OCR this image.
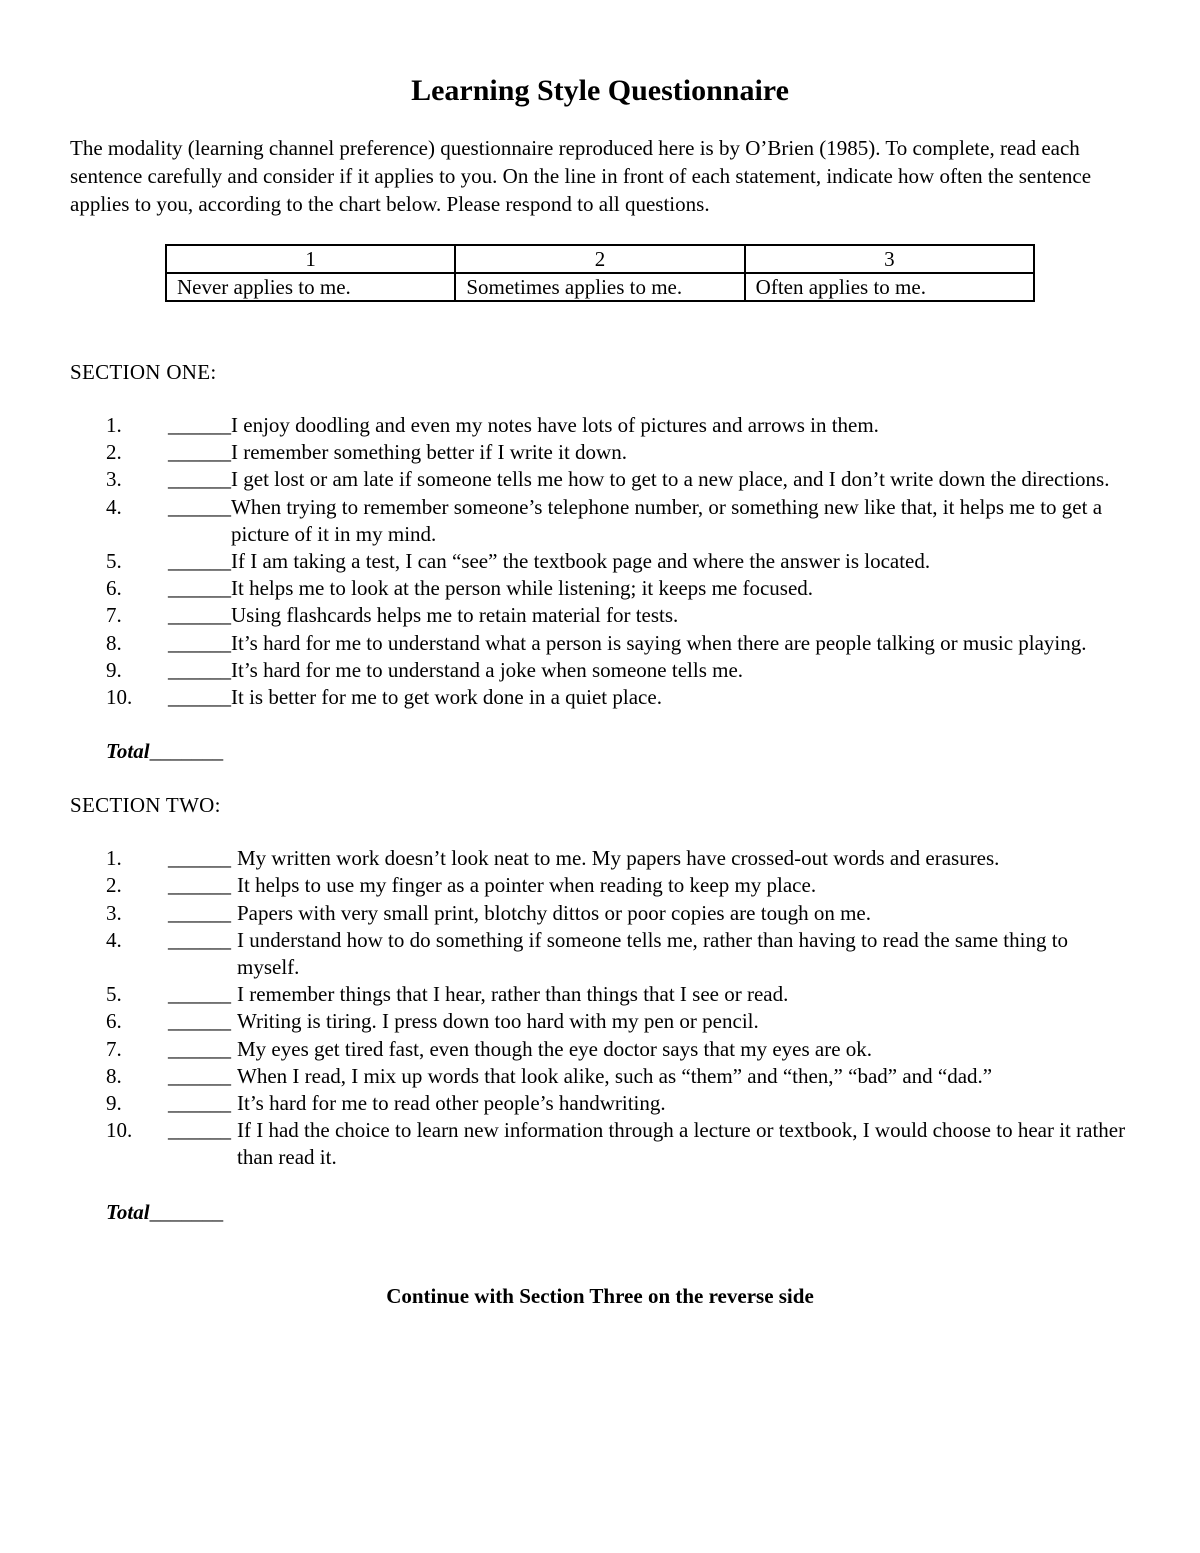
Learning Style Questionnaire
The modality (learning channel preference) questionnaire reproduced here is by O’Brien (1985). To complete, read each sentence carefully and consider if it applies to you. On the line in front of each statement, indicate how often the sentence applies to you, according to the chart below. Please respond to all questions.
1	2	3
Never applies to me.	Sometimes applies to me.	Often applies to me.
SECTION ONE:
1.	______ I enjoy doodling and even my notes have lots of pictures and arrows in them.
2.	______ I remember something better if I write it down.
3.	______ I get lost or am late if someone tells me how to get to a new place, and I don’t write down the directions.
4.	______ When trying to remember someone’s telephone number, or something new like that, it helps me to get a picture of it in my mind.
5.	______ If I am taking a test, I can “see” the textbook page and where the answer is located.
6.	______ It helps me to look at the person while listening; it keeps me focused.
7.	______ Using flashcards helps me to retain material for tests.
8.	______ It’s hard for me to understand what a person is saying when there are people talking or music playing.
9.	______ It’s hard for me to understand a joke when someone tells me.
10.	______ It is better for me to get work done in a quiet place.
Total_______
SECTION TWO:
1.	______ My written work doesn’t look neat to me. My papers have crossed-out words and erasures.
2.	______ It helps to use my finger as a pointer when reading to keep my place.
3.	______ Papers with very small print, blotchy dittos or poor copies are tough on me.
4.	______ I understand how to do something if someone tells me, rather than having to read the same thing to myself.
5.	______ I remember things that I hear, rather than things that I see or read.
6.	______ Writing is tiring. I press down too hard with my pen or pencil.
7.	______ My eyes get tired fast, even though the eye doctor says that my eyes are ok.
8.	______ When I read, I mix up words that look alike, such as “them” and “then,” “bad” and “dad.”
9.	______ It’s hard for me to read other people’s handwriting.
10.	______ If I had the choice to learn new information through a lecture or textbook, I would choose to hear it rather than read it.
Total_______
Continue with Section Three on the reverse side
